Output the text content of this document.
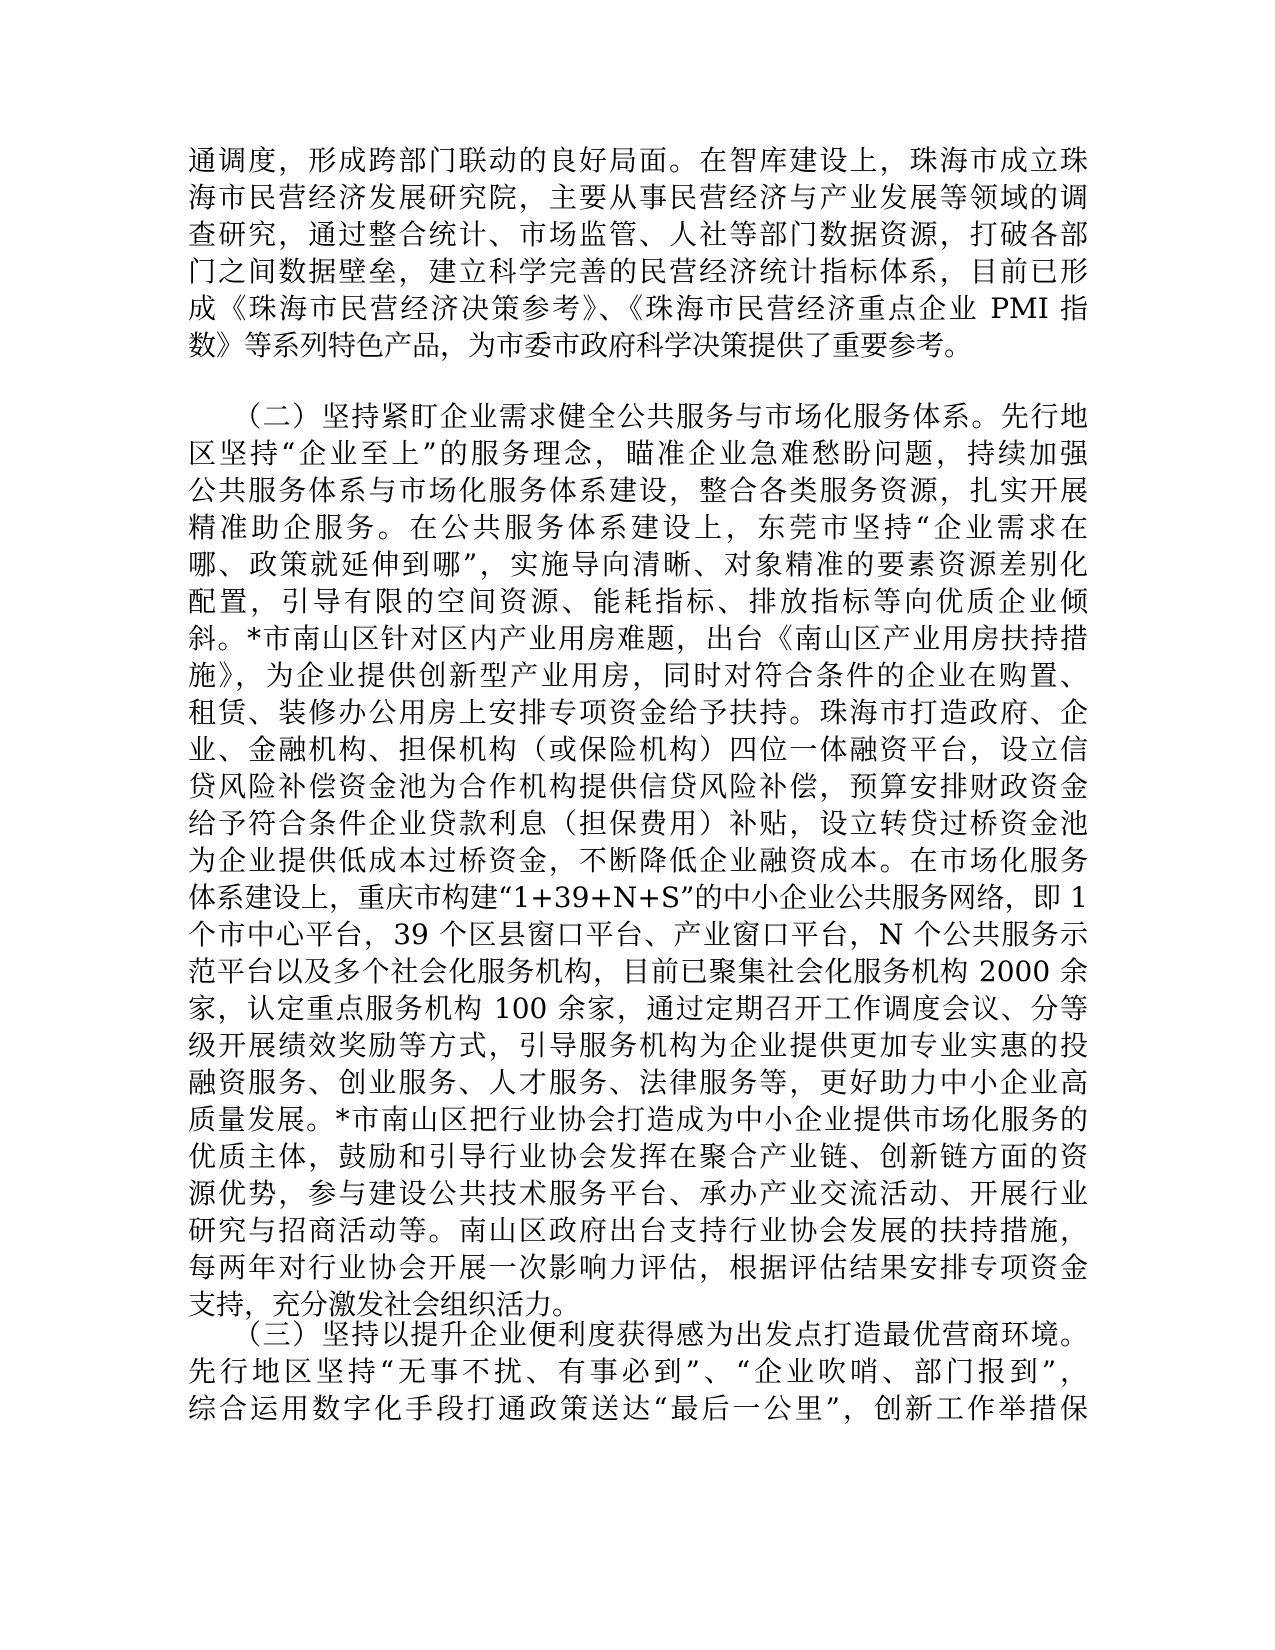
通调度，形成跨部门联动的良好局面。在智库建设上，珠海市成立珠
海市民营经济发展研究院，主要从事民营经济与产业发展等领域的调
查研究，通过整合统计、市场监管、人社等部门数据资源，打破各部
门之间数据壁垒，建立科学完善的民营经济统计指标体系，目前已形
成《珠海市民营经济决策参考》、《珠海市民营经济重点企业 PMI 指
数》等系列特色产品，为市委市政府科学决策提供了重要参考。
　　（二）坚持紧盯企业需求健全公共服务与市场化服务体系。先行地
区坚持“企业至上”的服务理念，瞄准企业急难愁盼问题，持续加强
公共服务体系与市场化服务体系建设，整合各类服务资源，扎实开展
精准助企服务。在公共服务体系建设上，东莞市坚持“企业需求在
哪、政策就延伸到哪”，实施导向清晰、对象精准的要素资源差别化
配置，引导有限的空间资源、能耗指标、排放指标等向优质企业倾
斜。*市南山区针对区内产业用房难题，出台《南山区产业用房扶持措
施》，为企业提供创新型产业用房，同时对符合条件的企业在购置、
租赁、装修办公用房上安排专项资金给予扶持。珠海市打造政府、企
业、金融机构、担保机构（或保险机构）四位一体融资平台，设立信
贷风险补偿资金池为合作机构提供信贷风险补偿，预算安排财政资金
给予符合条件企业贷款利息（担保费用）补贴，设立转贷过桥资金池
为企业提供低成本过桥资金，不断降低企业融资成本。在市场化服务
体系建设上，重庆市构建“1+39+N+S”的中小企业公共服务网络，即 1
个市中心平台，39 个区县窗口平台、产业窗口平台，N 个公共服务示
范平台以及多个社会化服务机构，目前已聚集社会化服务机构 2000 余
家，认定重点服务机构 100 余家，通过定期召开工作调度会议、分等
级开展绩效奖励等方式，引导服务机构为企业提供更加专业实惠的投
融资服务、创业服务、人才服务、法律服务等，更好助力中小企业高
质量发展。*市南山区把行业协会打造成为中小企业提供市场化服务的
优质主体，鼓励和引导行业协会发挥在聚合产业链、创新链方面的资
源优势，参与建设公共技术服务平台、承办产业交流活动、开展行业
研究与招商活动等。南山区政府出台支持行业协会发展的扶持措施，
每两年对行业协会开展一次影响力评估，根据评估结果安排专项资金
支持，充分激发社会组织活力。
　　（三）坚持以提升企业便利度获得感为出发点打造最优营商环境。
先行地区坚持“无事不扰、有事必到”、“企业吹哨、部门报到”，
综合运用数字化手段打通政策送达“最后一公里”，创新工作举措保
